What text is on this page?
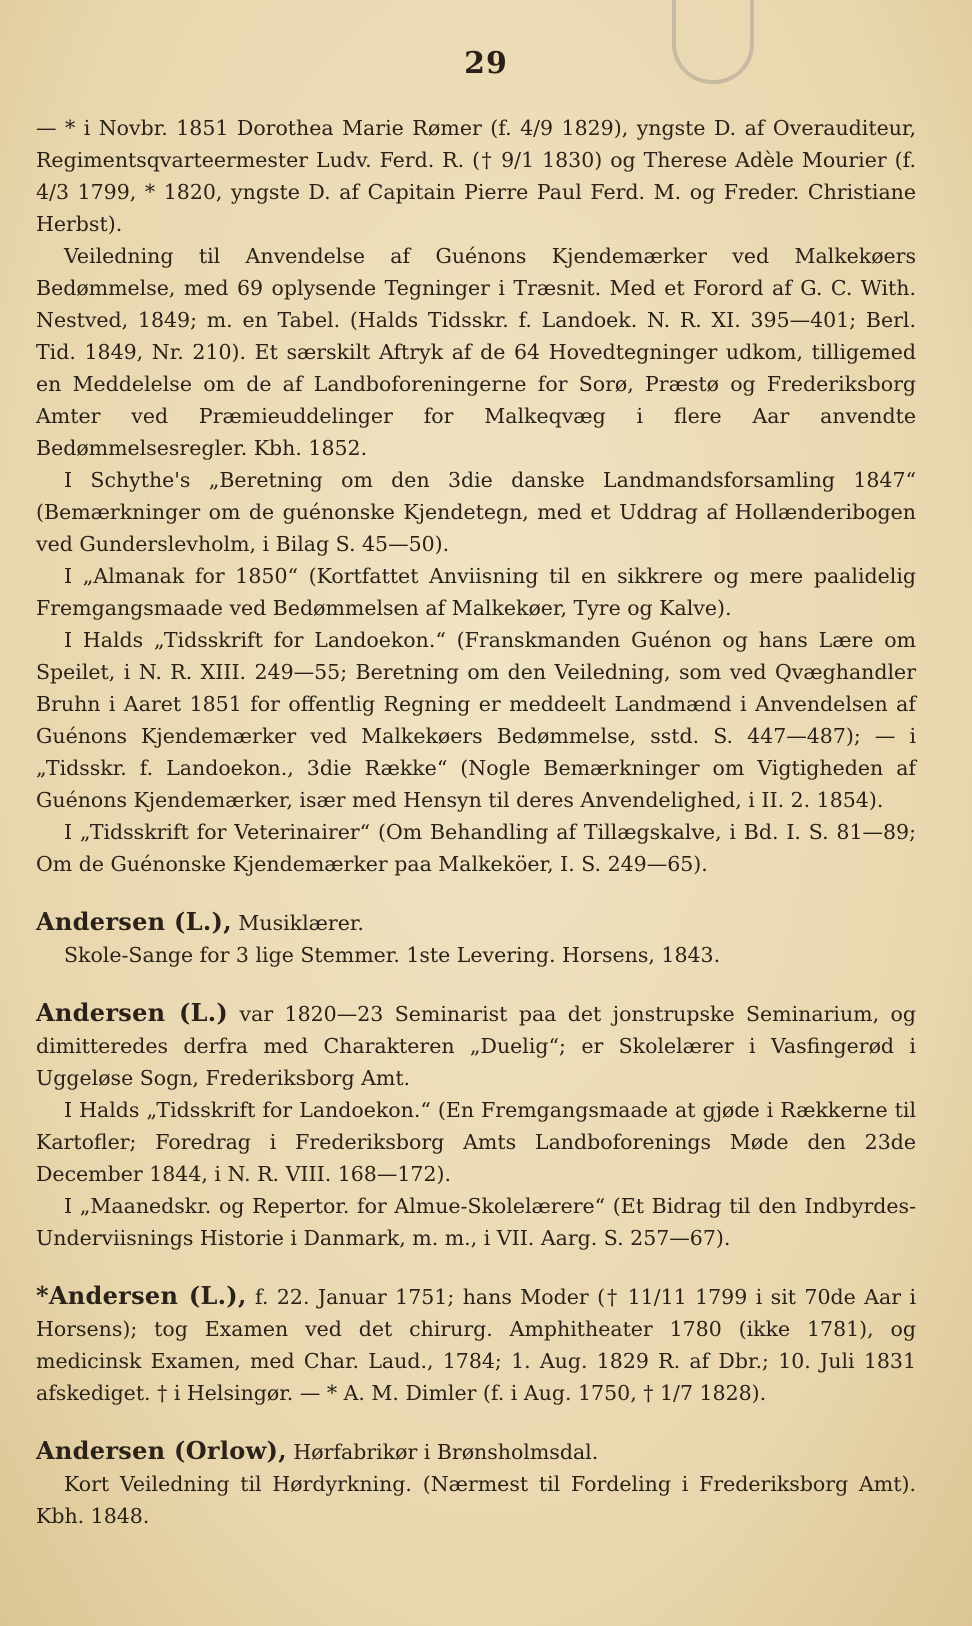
29

— * i Novbr. 1851 Dorothea Marie Rømer (f. 4/9 1829), yngste D. af Overauditeur, Regimentsqvarteermester Ludv. Ferd. R. († 9/1 1830) og Therese Adèle Mourier (f. 4/3 1799, * 1820, yngste D. af Capitain Pierre Paul Ferd. M. og Freder. Christiane Herbst).

Veiledning til Anvendelse af Guénons Kjendemærker ved Malkekøers Bedømmelse, med 69 oplysende Tegninger i Træsnit. Med et Forord af G. C. With. Nestved, 1849; m. en Tabel. (Halds Tidsskr. f. Landoek. N. R. XI. 395—401; Berl. Tid. 1849, Nr. 210). Et særskilt Aftryk af de 64 Hovedtegninger udkom, tilligemed en Meddelelse om de af Landboforeningerne for Sorø, Præstø og Frederiksborg Amter ved Præmieuddelinger for Malkeqvæg i flere Aar anvendte Bedømmelsesregler. Kbh. 1852.

I Schythe's „Beretning om den 3die danske Landmandsforsamling 1847“ (Bemærkninger om de guénonske Kjendetegn, med et Uddrag af Hollænderibogen ved Gunderslevholm, i Bilag S. 45—50).

I „Almanak for 1850“ (Kortfattet Anviisning til en sikkrere og mere paalidelig Fremgangsmaade ved Bedømmelsen af Malkekøer, Tyre og Kalve).

I Halds „Tidsskrift for Landoekon.“ (Franskmanden Guénon og hans Lære om Speilet, i N. R. XIII. 249—55; Beretning om den Veiledning, som ved Qvæghandler Bruhn i Aaret 1851 for offentlig Regning er meddeelt Landmænd i Anvendelsen af Guénons Kjendemærker ved Malkekøers Bedømmelse, sstd. S. 447—487); — i „Tidsskr. f. Landoekon., 3die Række“ (Nogle Bemærkninger om Vigtigheden af Guénons Kjendemærker, især med Hensyn til deres Anvendelighed, i II. 2. 1854).

I „Tidsskrift for Veterinairer“ (Om Behandling af Tillægskalve, i Bd. I. S. 81—89; Om de Guénonske Kjendemærker paa Malkeköer, I. S. 249—65).

Andersen (L.), Musiklærer.

Skole-Sange for 3 lige Stemmer. 1ste Levering. Horsens, 1843.

Andersen (L.) var 1820—23 Seminarist paa det jonstrupske Seminarium, og dimitteredes derfra med Charakteren „Duelig“; er Skolelærer i Vasfingerød i Uggeløse Sogn, Frederiksborg Amt.

I Halds „Tidsskrift for Landoekon.“ (En Fremgangsmaade at gjøde i Rækkerne til Kartofler; Foredrag i Frederiksborg Amts Landboforenings Møde den 23de December 1844, i N. R. VIII. 168—172).

I „Maanedskr. og Repertor. for Almue-Skolelærere“ (Et Bidrag til den Indbyrdes-Underviisnings Historie i Danmark, m. m., i VII. Aarg. S. 257—67).

*Andersen (L.), f. 22. Januar 1751; hans Moder († 11/11 1799 i sit 70de Aar i Horsens); tog Examen ved det chirurg. Amphitheater 1780 (ikke 1781), og medicinsk Examen, med Char. Laud., 1784; 1. Aug. 1829 R. af Dbr.; 10. Juli 1831 afskediget. † i Helsingør. — * A. M. Dimler (f. i Aug. 1750, † 1/7 1828).

Andersen (Orlow), Hørfabrikør i Brønsholmsdal.

Kort Veiledning til Hørdyrkning. (Nærmest til Fordeling i Frederiksborg Amt). Kbh. 1848.
